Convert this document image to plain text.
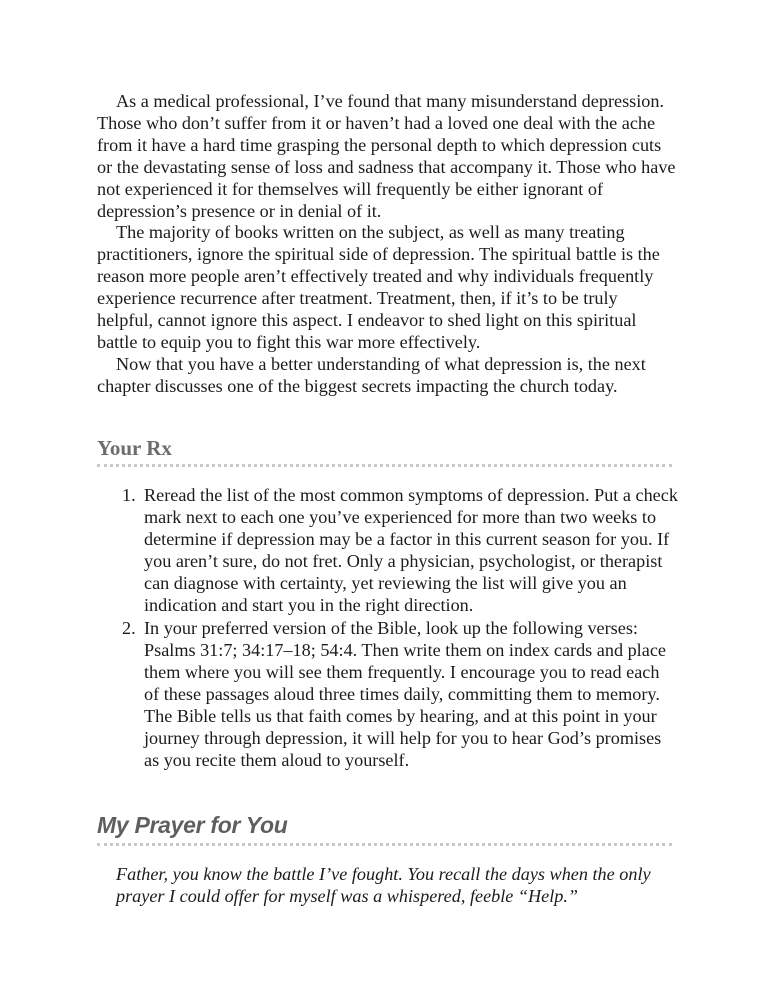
As a medical professional, I’ve found that many misunderstand depression. Those who don’t suffer from it or haven’t had a loved one deal with the ache from it have a hard time grasping the personal depth to which depression cuts or the devastating sense of loss and sadness that accompany it. Those who have not experienced it for themselves will frequently be either ignorant of depression’s presence or in denial of it.

The majority of books written on the subject, as well as many treating practitioners, ignore the spiritual side of depression. The spiritual battle is the reason more people aren’t effectively treated and why individuals frequently experience recurrence after treatment. Treatment, then, if it’s to be truly helpful, cannot ignore this aspect. I endeavor to shed light on this spiritual battle to equip you to fight this war more effectively.

Now that you have a better understanding of what depression is, the next chapter discusses one of the biggest secrets impacting the church today.

Your Rx
1. Reread the list of the most common symptoms of depression. Put a check mark next to each one you’ve experienced for more than two weeks to determine if depression may be a factor in this current season for you. If you aren’t sure, do not fret. Only a physician, psychologist, or therapist can diagnose with certainty, yet reviewing the list will give you an indication and start you in the right direction.
2. In your preferred version of the Bible, look up the following verses: Psalms 31:7; 34:17–18; 54:4. Then write them on index cards and place them where you will see them frequently. I encourage you to read each of these passages aloud three times daily, committing them to memory. The Bible tells us that faith comes by hearing, and at this point in your journey through depression, it will help for you to hear God’s promises as you recite them aloud to yourself.
My Prayer for You

Father, you know the battle I’ve fought. You recall the days when the only prayer I could offer for myself was a whispered, feeble “Help.”
